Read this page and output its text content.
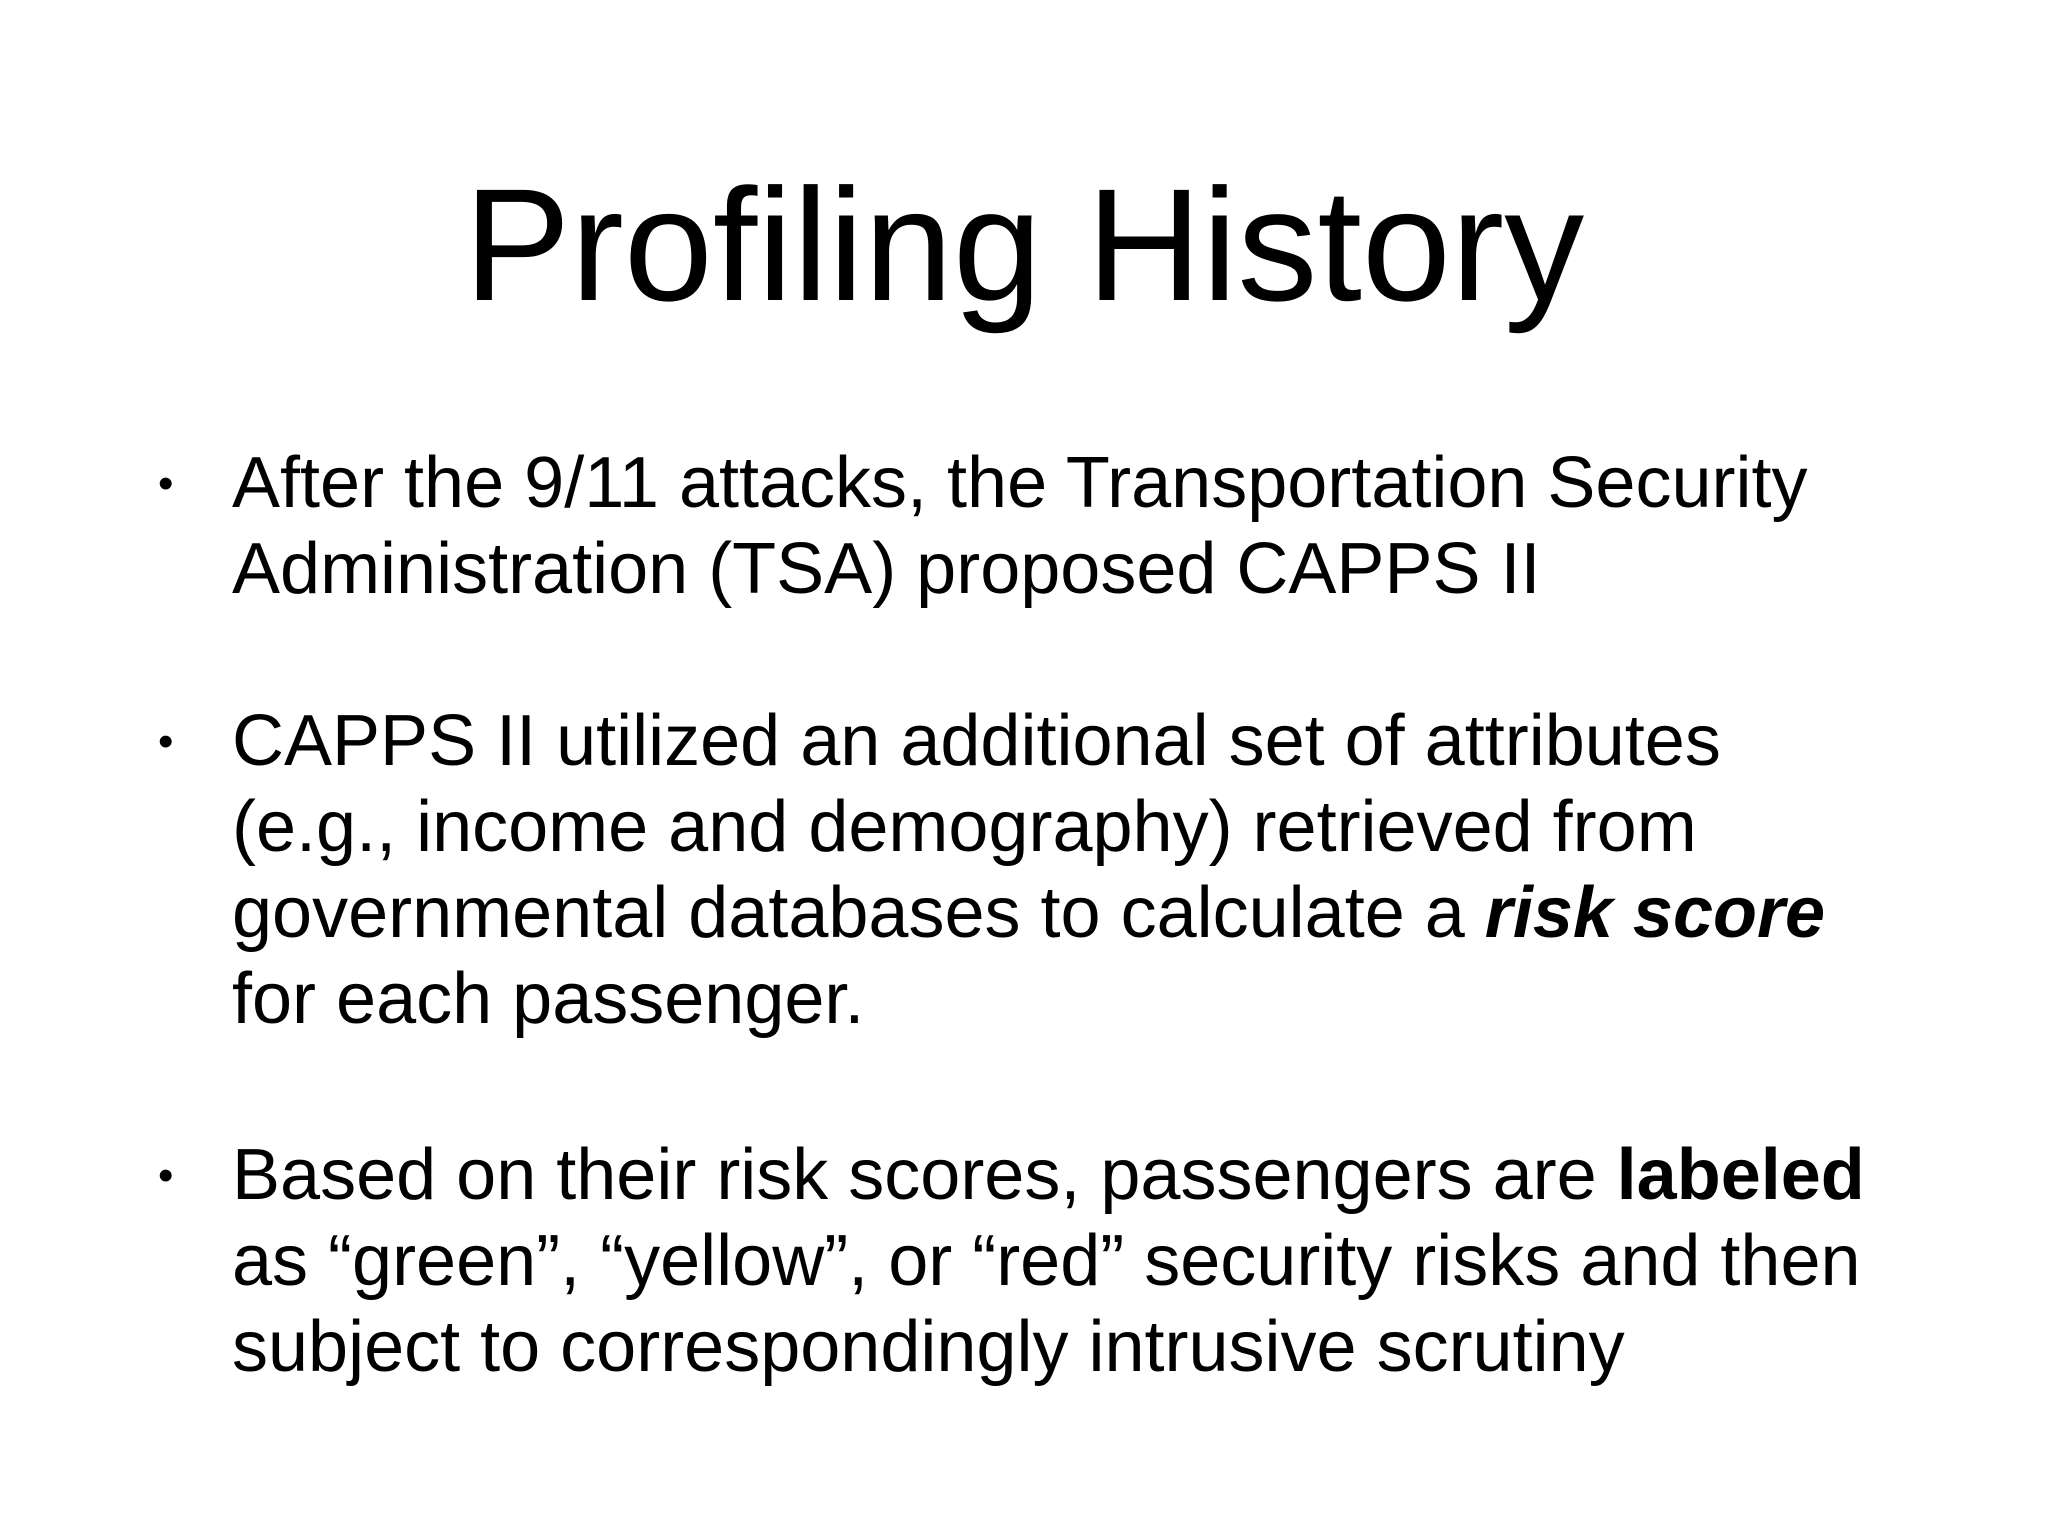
Profiling History
• After the 9/11 attacks, the Transportation Security
Administration (TSA) proposed CAPPS II
• CAPPS II utilized an additional set of attributes
(e.g., income and demography) retrieved from
governmental databases to calculate a risk score
for each passenger.
• Based on their risk scores, passengers are labeled
as “green”, “yellow”, or “red” security risks and then
subject to correspondingly intrusive scrutiny
